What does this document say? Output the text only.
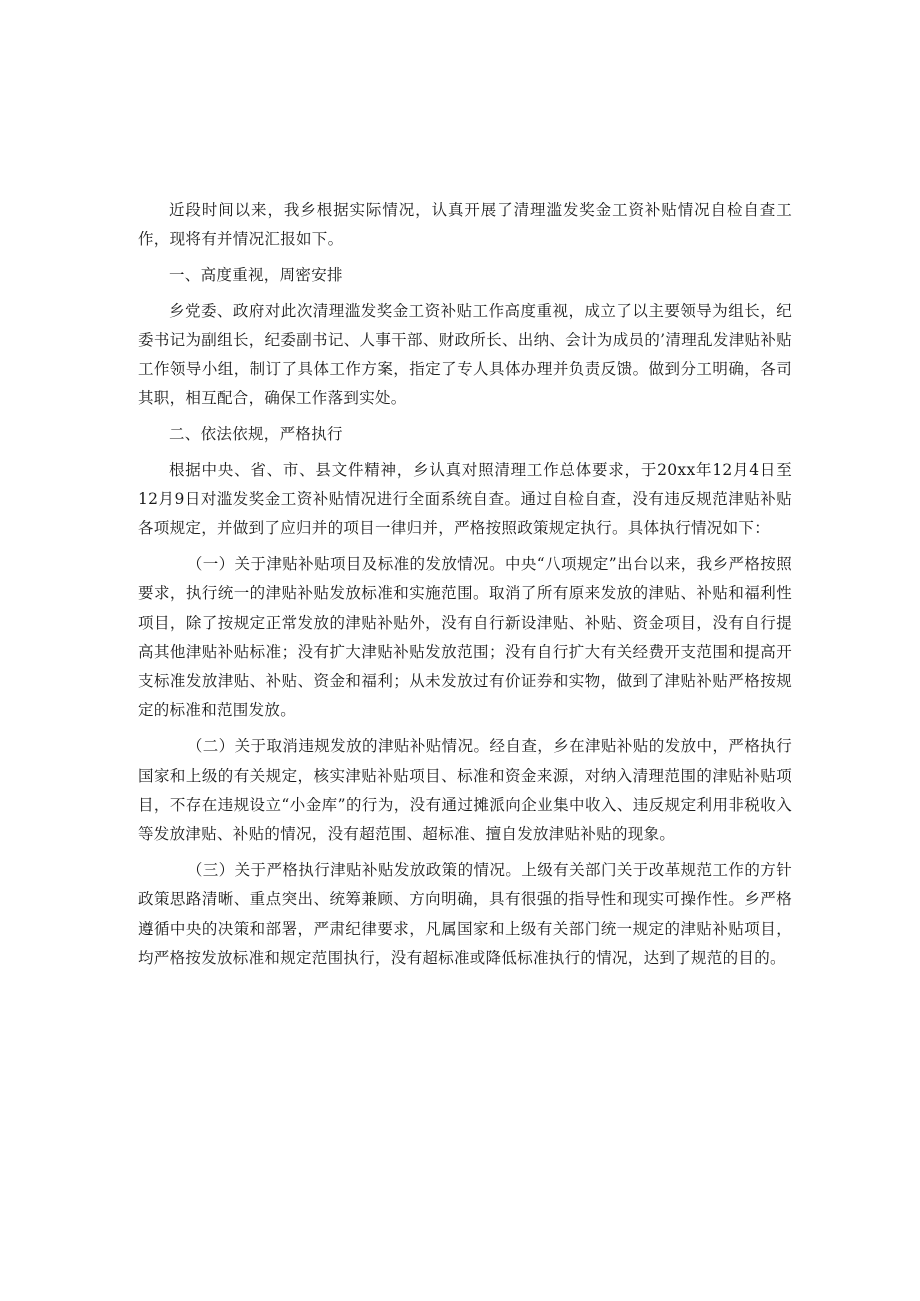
近段时间以来，我乡根据实际情况，认真开展了清理滥发奖金工资补贴情况自检自查工作，现将有并情况汇报如下。

一、高度重视，周密安排

乡党委、政府对此次清理滥发奖金工资补贴工作高度重视，成立了以主要领导为组长，纪委书记为副组长，纪委副书记、人事干部、财政所长、出纳、会计为成员的’清理乱发津贴补贴工作领导小组，制订了具体工作方案，指定了专人具体办理并负责反馈。做到分工明确，各司其职，相互配合，确保工作落到实处。

二、依法依规，严格执行

根据中央、省、市、县文件精神，乡认真对照清理工作总体要求，于20xx年12月4日至12月9日对滥发奖金工资补贴情况进行全面系统自查。通过自检自查，没有违反规范津贴补贴各项规定，并做到了应归并的项目一律归并，严格按照政策规定执行。具体执行情况如下：

（一）关于津贴补贴项目及标准的发放情况。中央“八项规定”出台以来，我乡严格按照要求，执行统一的津贴补贴发放标准和实施范围。取消了所有原来发放的津贴、补贴和福利性项目，除了按规定正常发放的津贴补贴外，没有自行新设津贴、补贴、资金项目，没有自行提高其他津贴补贴标准；没有扩大津贴补贴发放范围；没有自行扩大有关经费开支范围和提高开支标准发放津贴、补贴、资金和福利；从未发放过有价证券和实物，做到了津贴补贴严格按规定的标准和范围发放。

（二）关于取消违规发放的津贴补贴情况。经自查，乡在津贴补贴的发放中，严格执行国家和上级的有关规定，核实津贴补贴项目、标准和资金来源，对纳入清理范围的津贴补贴项目，不存在违规设立“小金库”的行为，没有通过摊派向企业集中收入、违反规定利用非税收入等发放津贴、补贴的情况，没有超范围、超标准、擅自发放津贴补贴的现象。

（三）关于严格执行津贴补贴发放政策的情况。上级有关部门关于改革规范工作的方针政策思路清晰、重点突出、统筹兼顾、方向明确，具有很强的指导性和现实可操作性。乡严格遵循中央的决策和部署，严肃纪律要求，凡属国家和上级有关部门统一规定的津贴补贴项目，均严格按发放标准和规定范围执行，没有超标准或降低标准执行的情况，达到了规范的目的。
